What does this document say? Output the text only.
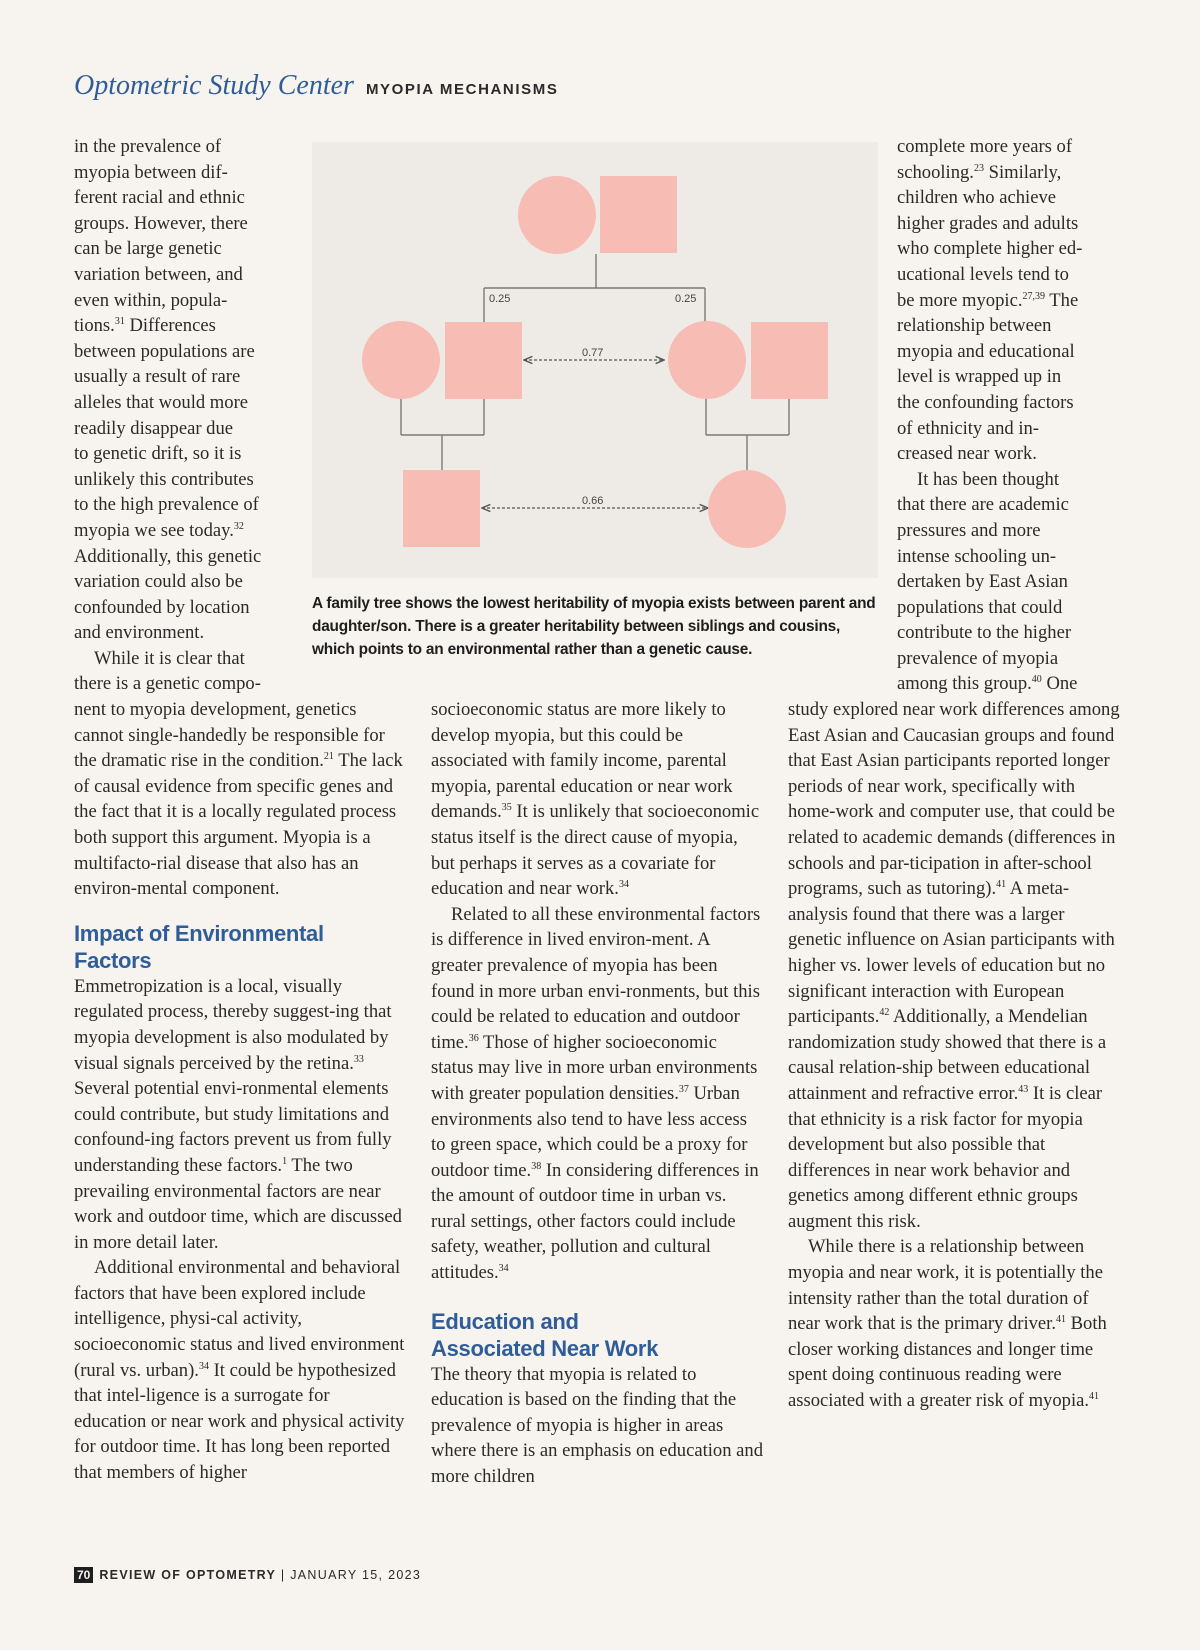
Optometric Study Center MYOPIA MECHANISMS
in the prevalence of
myopia between dif-
ferent racial and ethnic
groups. However, there
can be large genetic
variation between, and
even within, popula-
tions.$^{31}$ Differences
between populations are
usually a result of rare
alleles that would more
readily disappear due
to genetic drift, so it is
unlikely this contributes
to the high prevalence of
myopia we see today.$^{32}$
Additionally, this genetic
variation could also be
confounded by location
and environment.
While it is clear that
there is a genetic compo-

nent to myopia development, genetics cannot single-handedly be responsible for the dramatic rise in the condition.$^{21}$ The lack of causal evidence from specific genes and the fact that it is a locally regulated process both support this argument. Myopia is a multifacto-rial disease that also has an environ-mental component.

Impact of Environmental Factors

Emmetropization is a local, visually regulated process, thereby suggest-ing that myopia development is also modulated by visual signals perceived by the retina.$^{33}$ Several potential envi-ronmental elements could contribute, but study limitations and confound-ing factors prevent us from fully understanding these factors.$^1$ The two prevailing environmental factors are near work and outdoor time, which are discussed in more detail later.

Additional environmental and behavioral factors that have been explored include intelligence, physi-cal activity, socioeconomic status and lived environment (rural vs. urban).$^{34}$ It could be hypothesized that intel-ligence is a surrogate for education or near work and physical activity for outdoor time. It has long been reported that members of higher

socioeconomic status are more likely to develop myopia, but this could be associated with family income, parental myopia, parental education or near work demands.$^{35}$ It is unlikely that socioeconomic status itself is the direct cause of myopia, but perhaps it serves as a covariate for education and near work.$^{34}$

Related to all these environmental factors is difference in lived environ-ment. A greater prevalence of myopia has been found in more urban envi-ronments, but this could be related to education and outdoor time.$^{36}$ Those of higher socioeconomic status may live in more urban environments with greater population densities.$^{37}$ Urban environments also tend to have less access to green space, which could be a proxy for outdoor time.$^{38}$ In considering differences in the amount of outdoor time in urban vs. rural settings, other factors could include safety, weather, pollution and cultural attitudes.$^{34}$

Education and
Associated Near Work

The theory that myopia is related to education is based on the finding that the prevalence of myopia is higher in areas where there is an emphasis on education and more children

complete more years of
schooling.$^{23}$ Similarly,
children who achieve
higher grades and adults
who complete higher ed-
ucational levels tend to
be more myopic.$^{27,39}$ The
relationship between
myopia and educational
level is wrapped up in
the confounding factors
of ethnicity and in-
creased near work.
It has been thought
that there are academic
pressures and more
intense schooling un-
dertaken by East Asian
populations that could
contribute to the higher
prevalence of myopia
among this group.$^{40}$ One

study explored near work differences among East Asian and Caucasian groups and found that East Asian participants reported longer periods of near work, specifically with home-work and computer use, that could be related to academic demands (differences in schools and par-ticipation in after-school programs, such as tutoring).$^{41}$ A meta-analysis found that there was a larger genetic influence on Asian participants with higher vs. lower levels of education but no significant interaction with European participants.$^{42}$ Additionally, a Mendelian randomization study showed that there is a causal relation-ship between educational attainment and refractive error.$^{43}$ It is clear that ethnicity is a risk factor for myopia development but also possible that differences in near work behavior and genetics among different ethnic groups augment this risk.

While there is a relationship between myopia and near work, it is potentially the intensity rather than the total duration of near work that is the primary driver.$^{41}$ Both closer working distances and longer time spent doing continuous reading were associated with a greater risk of myopia.$^{41}$

0.25	0.25
0.77
0.66
A family tree shows the lowest heritability of myopia exists between parent and daughter/son. There is a greater heritability between siblings and cousins, which points to an environmental rather than a genetic cause.
70 REVIEW OF OPTOMETRY | JANUARY 15, 2023
